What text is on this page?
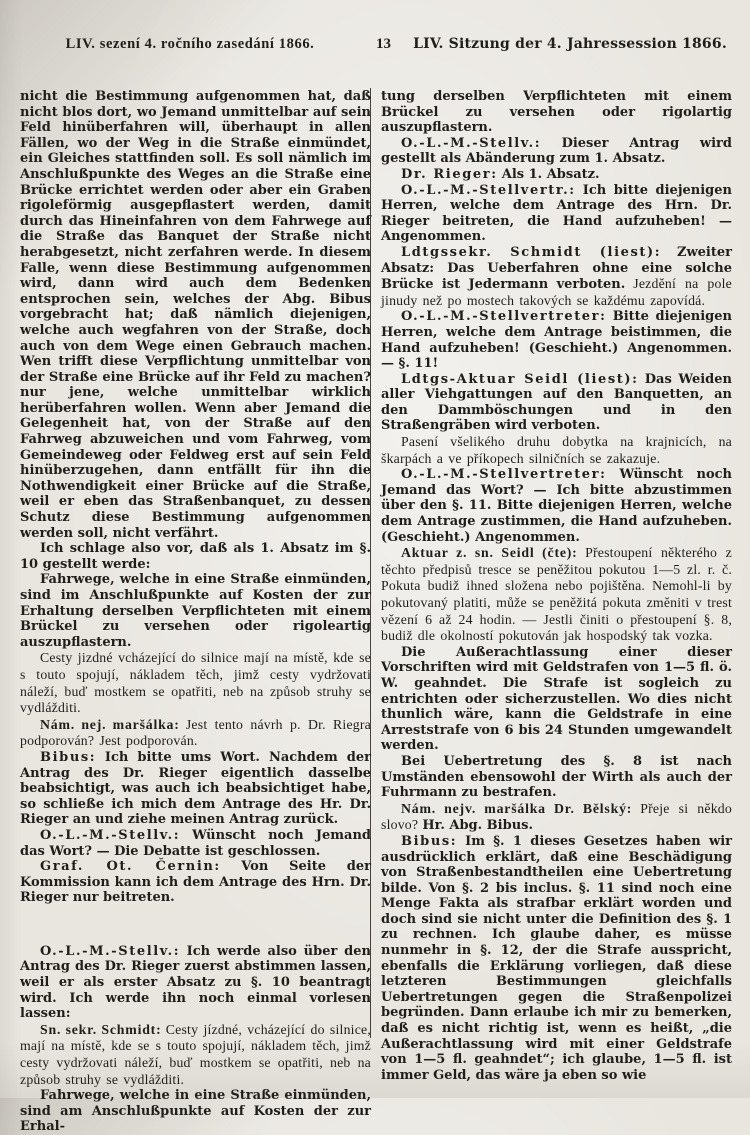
LIV. sezení 4. ročního zasedání 1866.	13	LIV. Sitzung der 4. Jahressession 1866.

nicht die Bestimmung aufgenommen hat, daß nicht blos dort, wo Jemand unmittelbar auf sein Feld hinüberfahren will, überhaupt in allen Fällen, wo der Weg in die Straße einmündet, ein Gleiches stattfinden soll. Es soll nämlich im Anschlußpunkte des Weges an die Straße eine Brücke errichtet werden oder aber ein Graben rigoleförmig ausgepflastert werden, damit durch das Hineinfahren von dem Fahrwege auf die Straße das Banquet der Straße nicht herabgesetzt, nicht zerfahren werde. In diesem Falle, wenn diese Bestimmung aufgenommen wird, dann wird auch dem Bedenken entsprochen sein, welches der Abg. Bibus vorgebracht hat; daß nämlich diejenigen, welche auch wegfahren von der Straße, doch auch von dem Wege einen Gebrauch machen. Wen trifft diese Verpflichtung unmittelbar von der Straße eine Brücke auf ihr Feld zu machen? nur jene, welche unmittelbar wirklich herüberfahren wollen. Wenn aber Jemand die Gelegenheit hat, von der Straße auf den Fahrweg abzuweichen und vom Fahrweg, vom Gemeindeweg oder Feldweg erst auf sein Feld hinüberzugehen, dann entfällt für ihn die Nothwendigkeit einer Brücke auf die Straße, weil er eben das Straßenbanquet, zu dessen Schutz diese Bestimmung aufgenommen werden soll, nicht verfährt.

Ich schlage also vor, daß als 1. Absatz im §. 10 gestellt werde:

Fahrwege, welche in eine Straße einmünden, sind im Anschlußpunkte auf Kosten der zur Erhaltung derselben Verpflichteten mit einem Brückel zu versehen oder rigoleartig auszupflastern.

Cesty jizdné vcházející do silnice mají na místě, kde se s touto spojují, nákladem těch, jimž cesty vydržovati náleží, buď mostkem se opatřiti, neb na způsob struhy se vydlážditi.

Nám. nej. maršálka: Jest tento návrh p. Dr. Riegra podporován? Jest podporován.

Bibus: Ich bitte ums Wort. Nachdem der Antrag des Dr. Rieger eigentlich dasselbe beabsichtigt, was auch ich beabsichtiget habe, so schließe ich mich dem Antrage des Hr. Dr. Rieger an und ziehe meinen Antrag zurück.

O.-L.-M.-Stellv.: Wünscht noch Jemand das Wort? — Die Debatte ist geschlossen.

Graf. Ot. Černin: Von Seite der Kommission kann ich dem Antrage des Hrn. Dr. Rieger nur beitreten.

O.-L.-M.-Stellv.: Ich werde also über den Antrag des Dr. Rieger zuerst abstimmen lassen, weil er als erster Absatz zu §. 10 beantragt wird. Ich werde ihn noch einmal vorlesen lassen:

Sn. sekr. Schmidt: Cesty jízdné, vcházející do silnice, mají na místě, kde se s touto spojují, nákladem těch, jimž cesty vydržovati náleží, buď mostkem se opatřiti, neb na způsob struhy se vydlážditi.

Fahrwege, welche in eine Straße einmünden, sind am Anschlußpunkte auf Kosten der zur Erhal-

tung derselben Verpflichteten mit einem Brückel zu versehen oder rigolartig auszupflastern.

O.-L.-M.-Stellv.: Dieser Antrag wird gestellt als Abänderung zum 1. Absatz.

Dr. Rieger: Als 1. Absatz.

O.-L.-M.-Stellvertr.: Ich bitte diejenigen Herren, welche dem Antrage des Hrn. Dr. Rieger beitreten, die Hand aufzuheben! — Angenommen.

Ldtgssekr. Schmidt (liest): Zweiter Absatz: Das Ueberfahren ohne eine solche Brücke ist Jedermann verboten. Jezdění na pole jinudy než po mostech takových se každému zapovídá.

O.-L.-M.-Stellvertreter: Bitte diejenigen Herren, welche dem Antrage beistimmen, die Hand aufzuheben! (Geschieht.) Angenommen. — §. 11!

Ldtgs-Aktuar Seidl (liest): Das Weiden aller Viehgattungen auf den Banquetten, an den Dammböschungen und in den Straßengräben wird verboten.

Pasení všelikého druhu dobytka na krajnicích, na škarpách a ve příkopech silničních se zakazuje.

O.-L.-M.-Stellvertreter: Wünscht noch Jemand das Wort? — Ich bitte abzustimmen über den §. 11. Bitte diejenigen Herren, welche dem Antrage zustimmen, die Hand aufzuheben. (Geschieht.) Angenommen.

Aktuar z. sn. Seidl (čte): Přestoupení některého z těchto předpisů tresce se peněžitou pokutou 1—5 zl. r. č. Pokuta budiž ihned složena nebo pojištěna. Nemohl-li by pokutovaný platiti, může se peněžitá pokuta změniti v trest vězení 6 až 24 hodin. — Jestli činiti o přestoupení §. 8, budiž dle okolností pokutován jak hospodský tak vozka.

Die Außerachtlassung einer dieser Vorschriften wird mit Geldstrafen von 1—5 fl. ö. W. geahndet. Die Strafe ist sogleich zu entrichten oder sicherzustellen. Wo dies nicht thunlich wäre, kann die Geldstrafe in eine Arreststrafe von 6 bis 24 Stunden umgewandelt werden.

Bei Uebertretung des §. 8 ist nach Umständen ebensowohl der Wirth als auch der Fuhrmann zu bestrafen.

Nám. nejv. maršálka Dr. Bělský: Přeje si někdo slovo? Hr. Abg. Bibus.

Bibus: Im §. 1 dieses Gesetzes haben wir ausdrücklich erklärt, daß eine Beschädigung von Straßenbestandtheilen eine Uebertretung bilde. Von §. 2 bis inclus. §. 11 sind noch eine Menge Fakta als strafbar erklärt worden und doch sind sie nicht unter die Definition des §. 1 zu rechnen. Ich glaube daher, es müsse nunmehr in §. 12, der die Strafe ausspricht, ebenfalls die Erklärung vorliegen, daß diese letzteren Bestimmungen gleichfalls Uebertretungen gegen die Straßenpolizei begründen. Dann erlaube ich mir zu bemerken, daß es nicht richtig ist, wenn es heißt, „die Außerachtlassung wird mit einer Geldstrafe von 1—5 fl. geahndet“; ich glaube, 1—5 fl. ist immer Geld, das wäre ja eben so wie
